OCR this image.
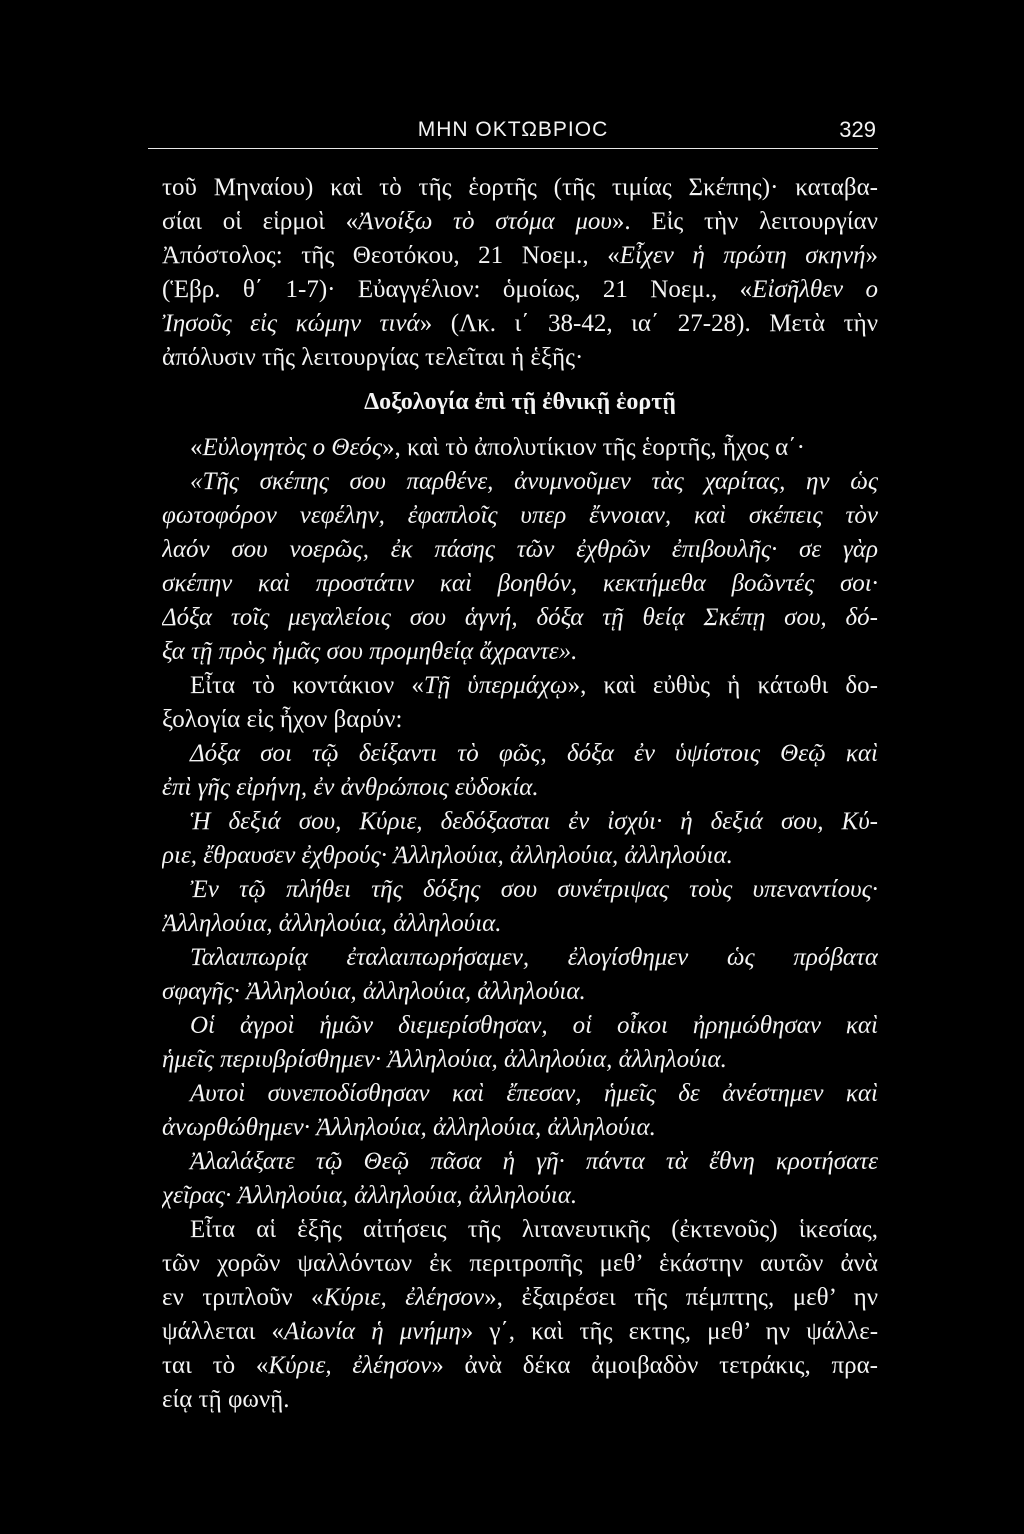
ΜΗΝ ΟΚΤΩΒΡΙΟϹ	329
τοῦ Μηναίου) καὶ τὸ τῆς ἑορτῆς (τῆς τιμίας Σκέπης)· καταβα-
σίαι οἱ εἱρμοὶ «Ἀνοίξω τὸ στόμα μου». Εἰς τὴν λειτουργίαν
Ἀπόστολος: τῆς Θεοτόκου, 21 Νοεμ., «Εἶχεν ἡ πρώτη σκηνή»
(Ἑβρ. θ΄ 1-7)· Εὐαγγέλιον: ὁμοίως, 21 Νοεμ., «Εἰσῆλθεν ο
Ἰησοῦς εἰς κώμην τινά» (Λκ. ι΄ 38-42, ια΄ 27-28). Μετὰ τὴν
ἀπόλυσιν τῆς λειτουργίας τελεῖται ἡ ἑξῆς·
Δοξολογία ἐπὶ τῇ ἐθνικῇ ἑορτῇ
«Εὐλογητὸς ο Θεός», καὶ τὸ ἀπολυτίκιον τῆς ἑορτῆς, ἦχος α΄·
«Τῆς σκέπης σου παρθένε, ἀνυμνοῦμεν τὰς χαρίτας, ην ὡς
φωτοφόρον νεφέλην, ἐφαπλοῖς υπερ ἔννοιαν, καὶ σκέπεις τὸν
λαόν σου νοερῶς, ἐκ πάσης τῶν ἐχθρῶν ἐπιβουλῆς· σε γὰρ
σκέπην καὶ προστάτιν καὶ βοηθόν, κεκτήμεθα βοῶντές σοι·
Δόξα τοῖς μεγαλείοις σου ἁγνή, δόξα τῇ θείᾳ Σκέπῃ σου, δό-
ξα τῇ πρὸς ἡμᾶς σου προμηθείᾳ ἄχραντε».
Εἶτα τὸ κοντάκιον «Τῇ ὑπερμάχῳ», καὶ εὐθὺς ἡ κάτωθι δο-
ξολογία εἰς ἦχον βαρύν:
Δόξα σοι τῷ δείξαντι τὸ φῶς, δόξα ἐν ὑψίστοις Θεῷ καὶ
ἐπὶ γῆς εἰρήνη, ἐν ἀνθρώποις εὐδοκία.
Ἡ δεξιά σου, Κύριε, δεδόξασται ἐν ἰσχύι· ἡ δεξιά σου, Κύ-
ριε, ἔθραυσεν ἐχθρούς· Ἀλληλούια, ἀλληλούια, ἀλληλούια.
Ἐν τῷ πλήθει τῆς δόξης σου συνέτριψας τοὺς υπεναντίους·
Ἀλληλούια, ἀλληλούια, ἀλληλούια.
Ταλαιπωρίᾳ ἐταλαιπωρήσαμεν, ἐλογίσθημεν ὡς πρόβατα
σφαγῆς· Ἀλληλούια, ἀλληλούια, ἀλληλούια.
Οἱ ἀγροὶ ἡμῶν διεμερίσθησαν, οἱ οἶκοι ἠρημώθησαν καὶ
ἡμεῖς περιυβρίσθημεν· Ἀλληλούια, ἀλληλούια, ἀλληλούια.
Αυτοὶ συνεποδίσθησαν καὶ ἔπεσαν, ἡμεῖς δε ἀνέστημεν καὶ
ἀνωρθώθημεν· Ἀλληλούια, ἀλληλούια, ἀλληλούια.
Ἀλαλάξατε τῷ Θεῷ πᾶσα ἡ γῆ· πάντα τὰ ἔθνη κροτήσατε
χεῖρας· Ἀλληλούια, ἀλληλούια, ἀλληλούια.
Εἶτα αἱ ἑξῆς αἰτήσεις τῆς λιτανευτικῆς (ἐκτενοῦς) ἱκεσίας,
τῶν χορῶν ψαλλόντων ἐκ περιτροπῆς μεθ’ ἑκάστην αυτῶν ἀνὰ
εν τριπλοῦν «Κύριε, ἐλέησον», ἐξαιρέσει τῆς πέμπτης, μεθ’ ην
ψάλλεται «Αἰωνία ἡ μνήμη» γ΄, καὶ τῆς εκτης, μεθ’ ην ψάλλε-
ται τὸ «Κύριε, ἐλέησον» ἀνὰ δέκα ἀμοιβαδὸν τετράκις, πρα-
είᾳ τῇ φωνῇ.
